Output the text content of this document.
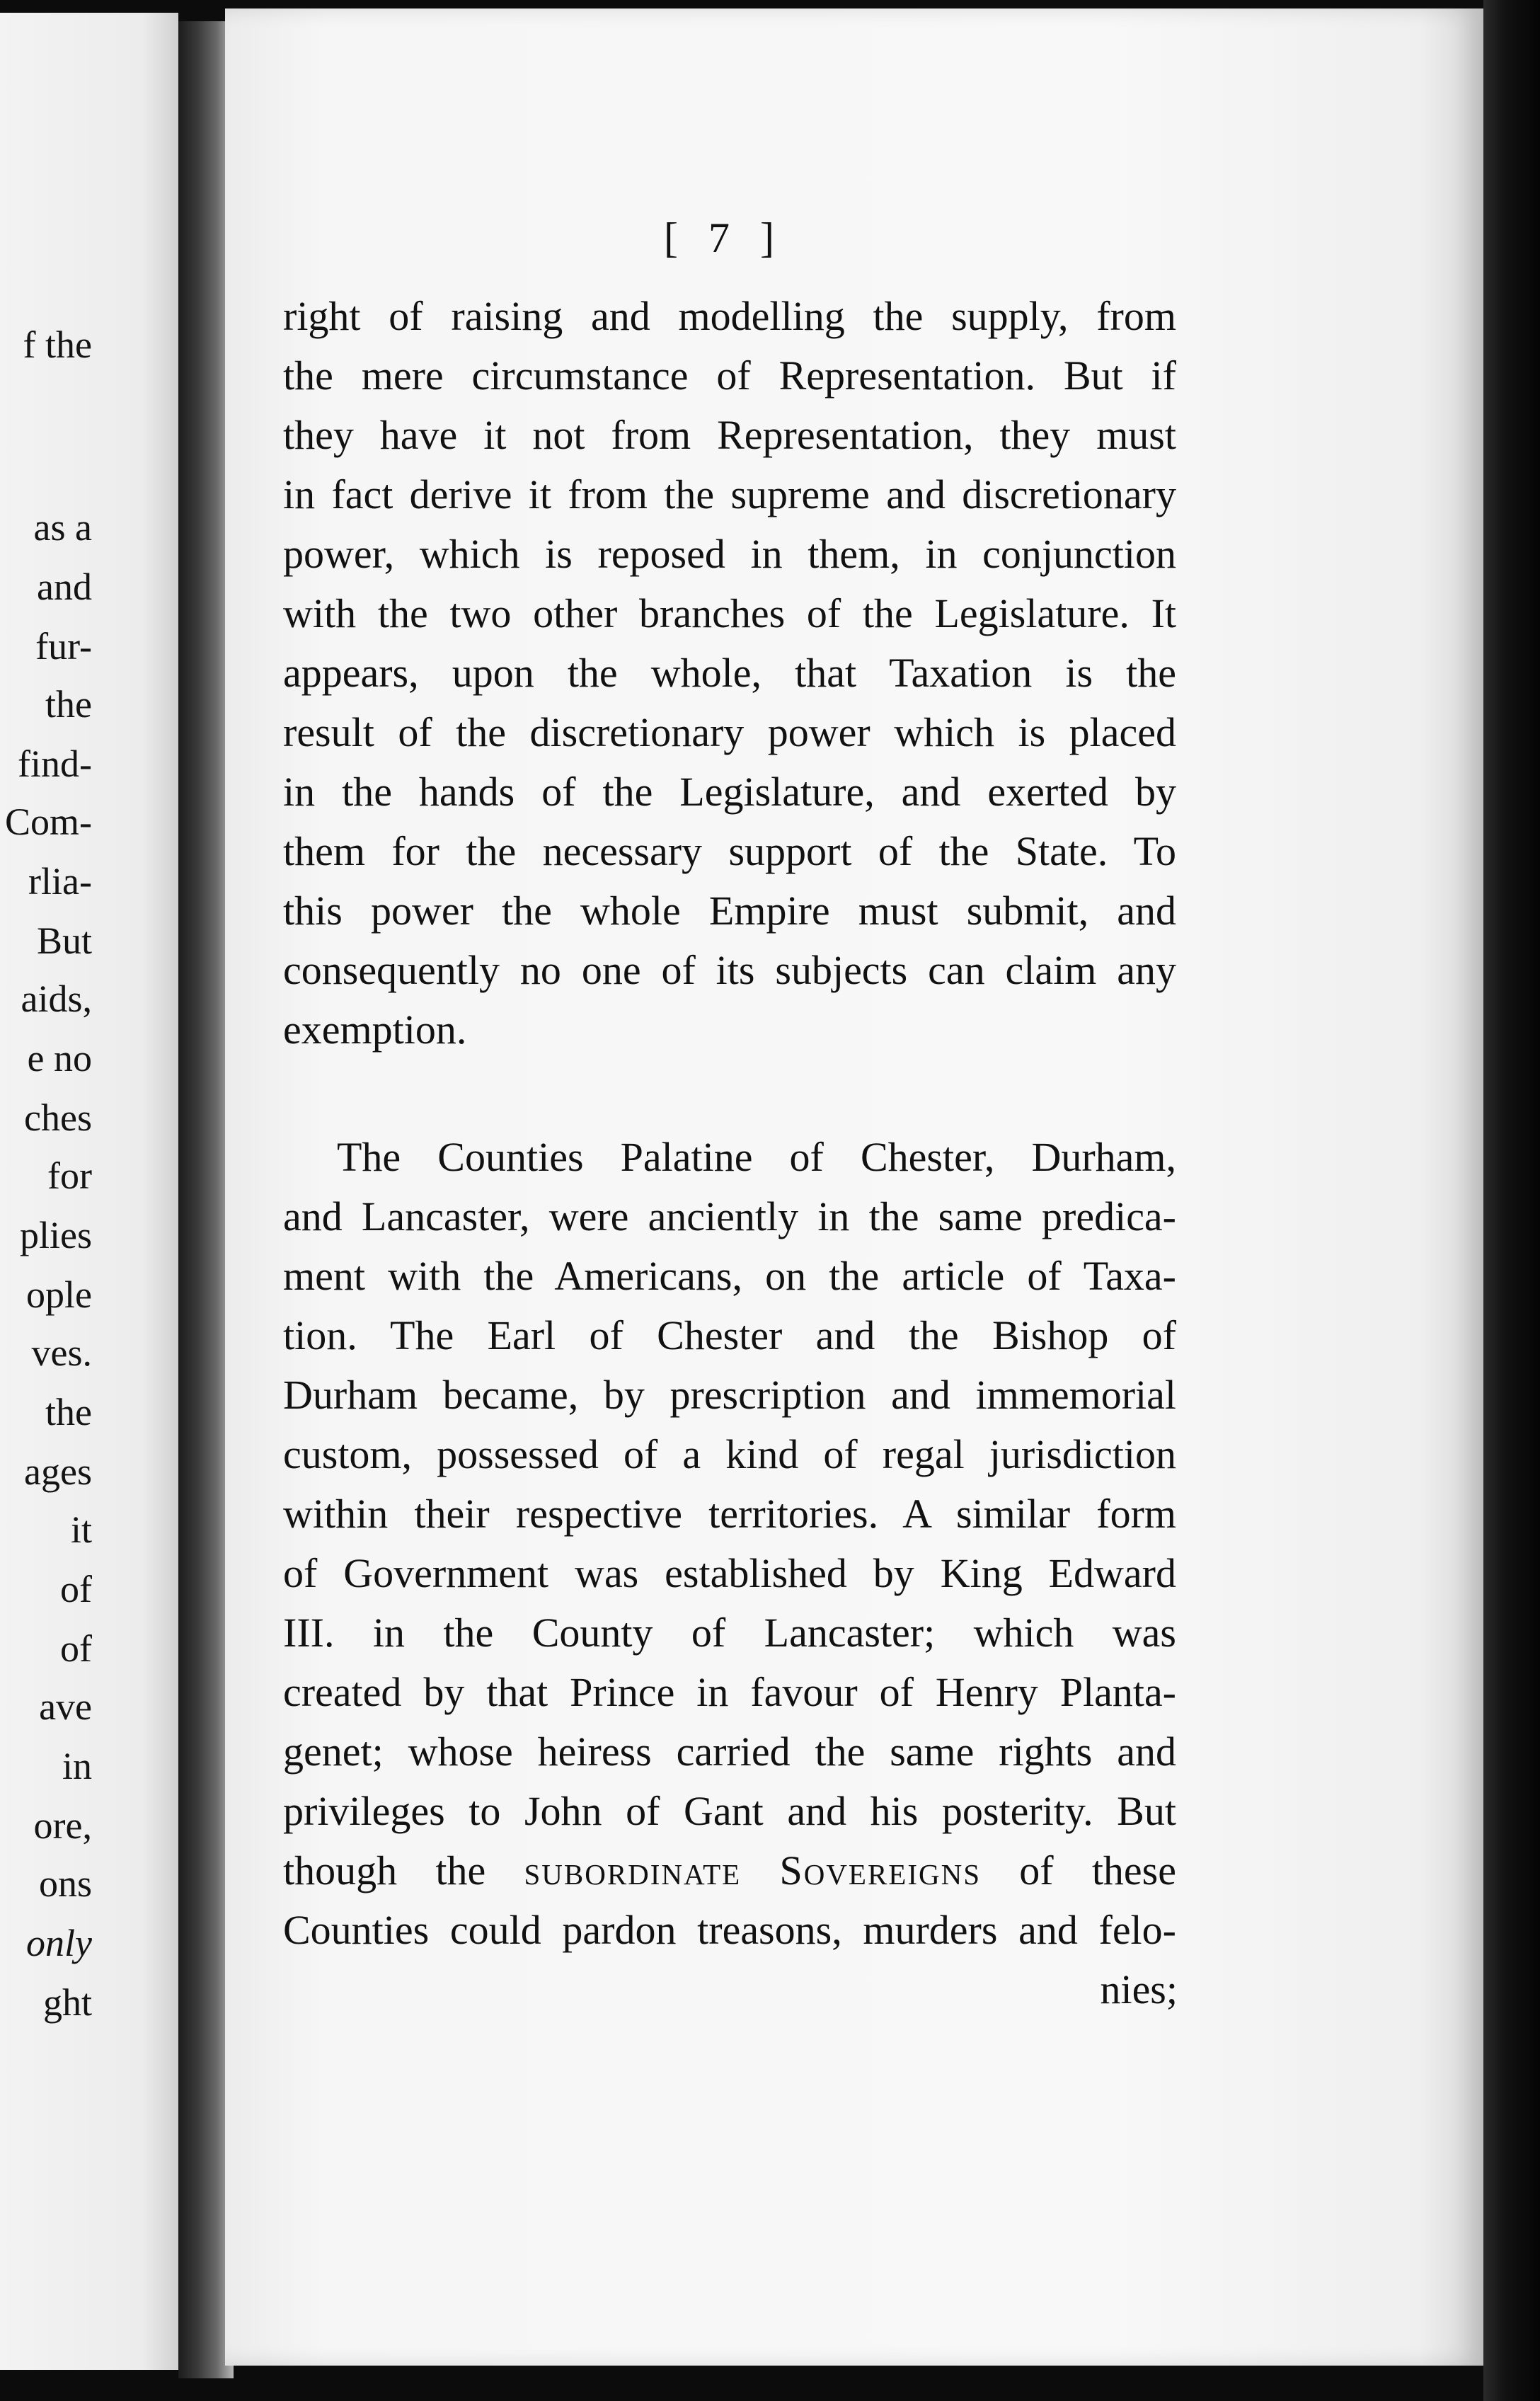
f the
as a
and
fur-
the
find-
Com-
rlia-
But
aids,
e no
ches
for
plies
ople
ves.
the
ages
it
of
of
ave
in
ore,
ons
only
ght
[ 7 ]
right of raising and modelling the supply, from
the mere circumstance of Representation. But if
they have it not from Representation, they must
in fact derive it from the supreme and discretionary
power, which is reposed in them, in conjunction
with the two other branches of the Legislature. It
appears, upon the whole, that Taxation is the
result of the discretionary power which is placed
in the hands of the Legislature, and exerted by
them for the necessary support of the State. To
this power the whole Empire must submit, and
consequently no one of its subjects can claim any
exemption.
The Counties Palatine of Chester, Durham,
and Lancaster, were anciently in the same predica-
ment with the Americans, on the article of Taxa-
tion. The Earl of Chester and the Bishop of
Durham became, by prescription and immemorial
custom, possessed of a kind of regal jurisdiction
within their respective territories. A similar form
of Government was established by King Edward
III. in the County of Lancaster; which was
created by that Prince in favour of Henry Planta-
genet; whose heiress carried the same rights and
privileges to John of Gant and his posterity. But
though the subordinate Sovereigns of these
Counties could pardon treasons, murders and felo-
nies;
